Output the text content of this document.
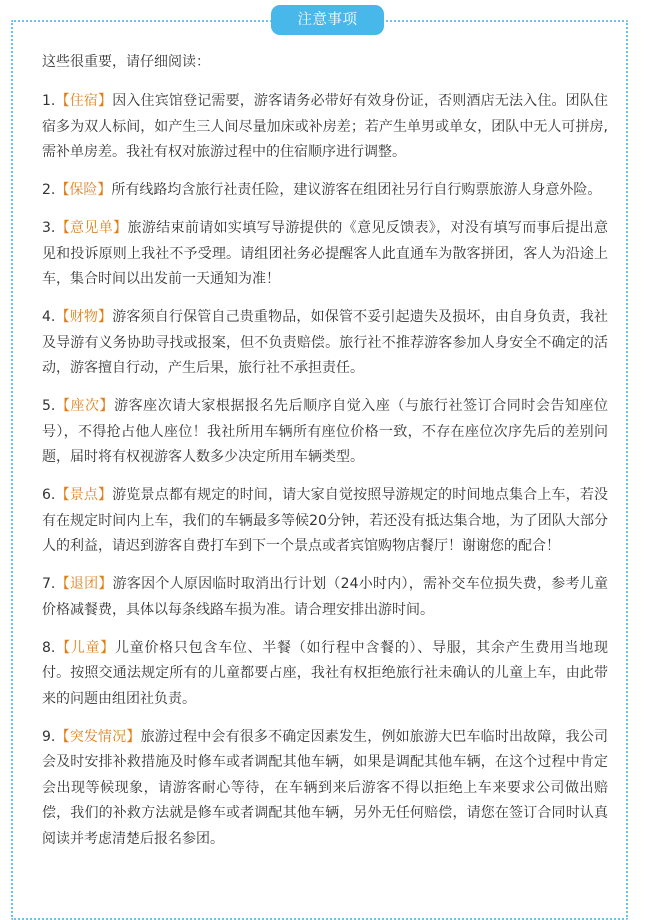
注意事项

这些很重要，请仔细阅读：

1.【住宿】因入住宾馆登记需要，游客请务必带好有效身份证，否则酒店无法入住。团队住宿多为双人标间，如产生三人间尽量加床或补房差；若产生单男或单女，团队中无人可拼房,需补单房差。我社有权对旅游过程中的住宿顺序进行调整。

2.【保险】所有线路均含旅行社责任险，建议游客在组团社另行自行购票旅游人身意外险。

3.【意见单】旅游结束前请如实填写导游提供的《意见反馈表》，对没有填写而事后提出意见和投诉原则上我社不予受理。请组团社务必提醒客人此直通车为散客拼团，客人为沿途上车，集合时间以出发前一天通知为准！

4.【财物】游客须自行保管自己贵重物品，如保管不妥引起遗失及损坏，由自身负责，我社及导游有义务协助寻找或报案，但不负责赔偿。旅行社不推荐游客参加人身安全不确定的活动，游客擅自行动，产生后果，旅行社不承担责任。

5.【座次】游客座次请大家根据报名先后顺序自觉入座（与旅行社签订合同时会告知座位号），不得抢占他人座位！我社所用车辆所有座位价格一致，不存在座位次序先后的差别问题，届时将有权视游客人数多少决定所用车辆类型。

6.【景点】游览景点都有规定的时间，请大家自觉按照导游规定的时间地点集合上车，若没有在规定时间内上车，我们的车辆最多等候20分钟，若还没有抵达集合地，为了团队大部分人的利益，请迟到游客自费打车到下一个景点或者宾馆购物店餐厅！谢谢您的配合！

7.【退团】游客因个人原因临时取消出行计划（24小时内），需补交车位损失费，参考儿童价格减餐费，具体以每条线路车损为准。请合理安排出游时间。

8.【儿童】儿童价格只包含车位、半餐（如行程中含餐的）、导服，其余产生费用当地现付。按照交通法规定所有的儿童都要占座，我社有权拒绝旅行社未确认的儿童上车，由此带来的问题由组团社负责。

9.【突发情况】旅游过程中会有很多不确定因素发生，例如旅游大巴车临时出故障，我公司会及时安排补救措施及时修车或者调配其他车辆，如果是调配其他车辆，在这个过程中肯定会出现等候现象，请游客耐心等待，在车辆到来后游客不得以拒绝上车来要求公司做出赔偿，我们的补救方法就是修车或者调配其他车辆，另外无任何赔偿，请您在签订合同时认真阅读并考虑清楚后报名参团。
